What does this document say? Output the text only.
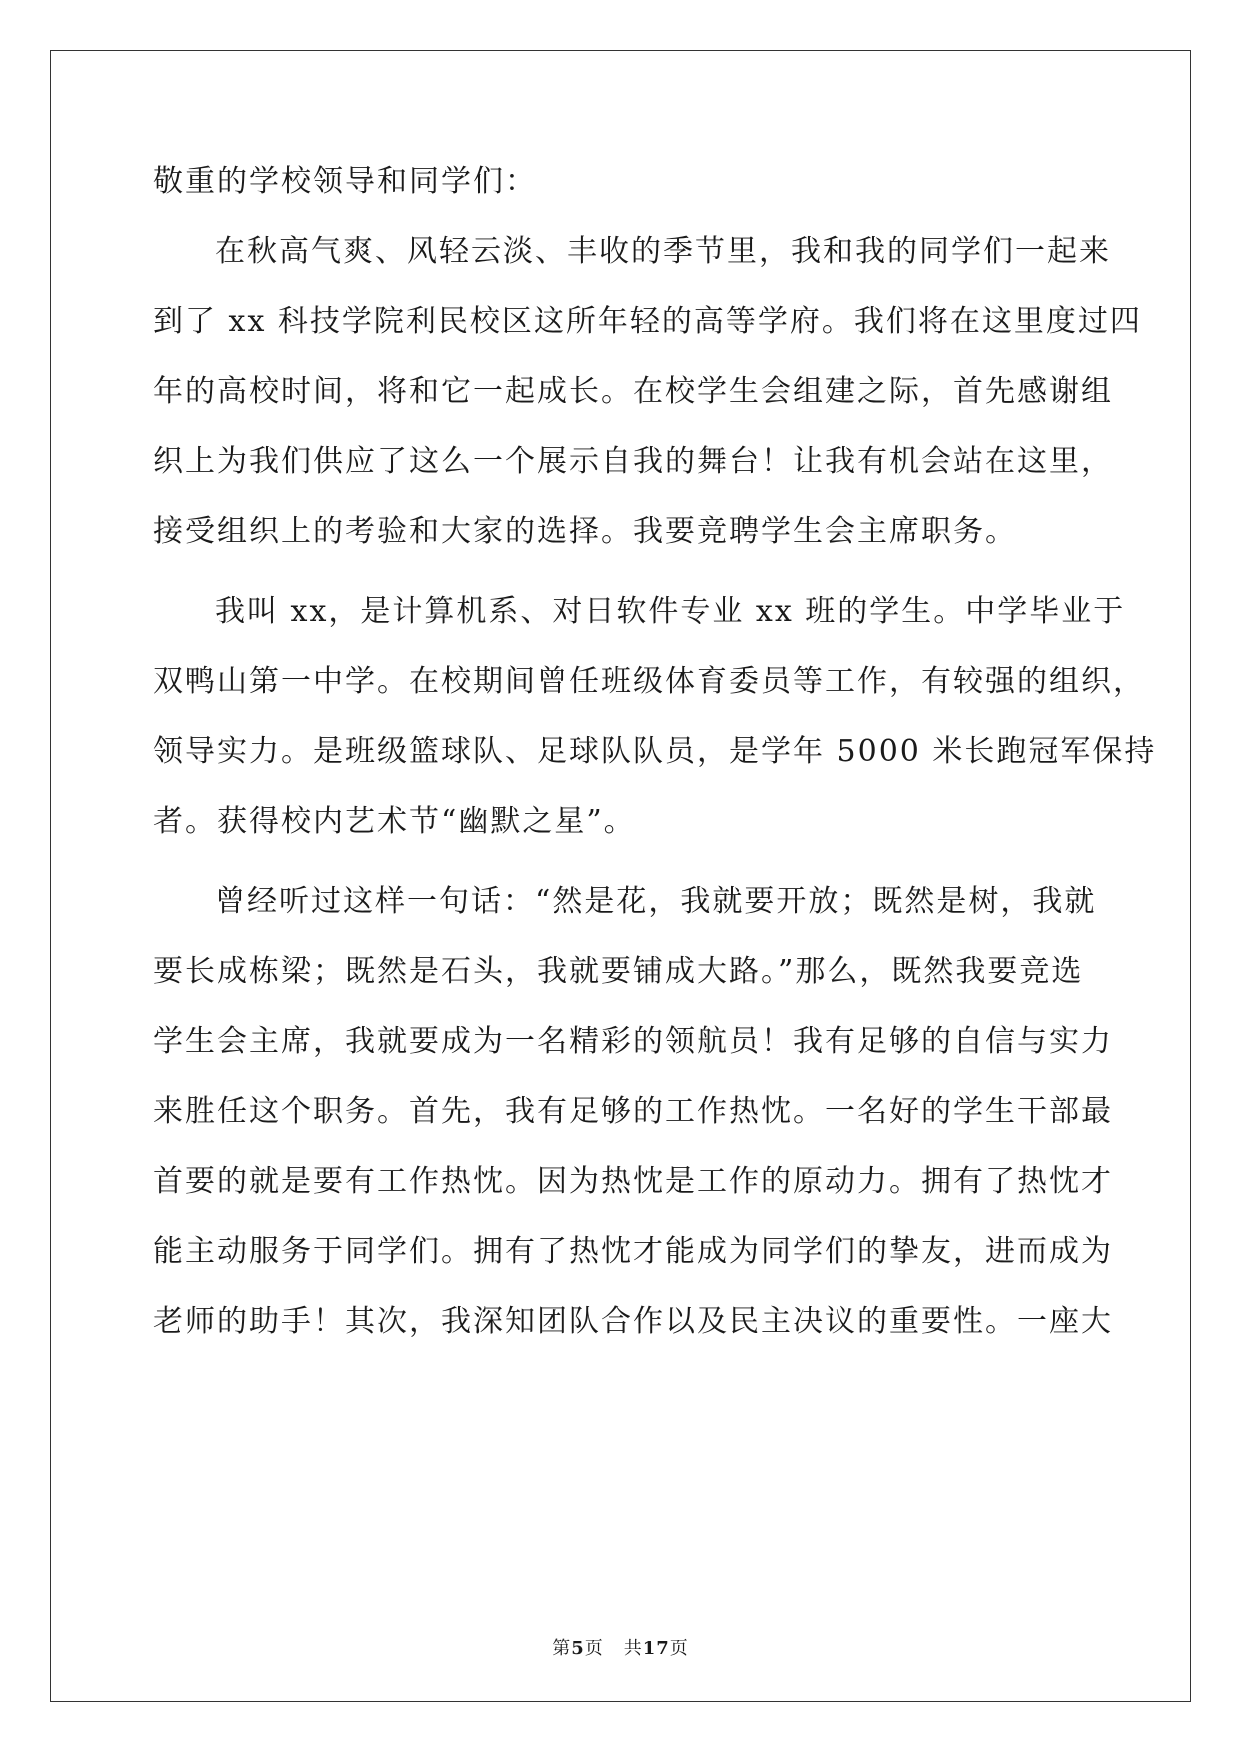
敬重的学校领导和同学们：
在秋高气爽、风轻云淡、丰收的季节里，我和我的同学们一起来
到了 xx 科技学院利民校区这所年轻的高等学府。我们将在这里度过四
年的高校时间，将和它一起成长。在校学生会组建之际，首先感谢组
织上为我们供应了这么一个展示自我的舞台！让我有机会站在这里，
接受组织上的考验和大家的选择。我要竞聘学生会主席职务。
我叫 xx，是计算机系、对日软件专业 xx 班的学生。中学毕业于
双鸭山第一中学。在校期间曾任班级体育委员等工作，有较强的组织，
领导实力。是班级篮球队、足球队队员，是学年 5000 米长跑冠军保持
者。获得校内艺术节“幽默之星”。
曾经听过这样一句话：“然是花，我就要开放；既然是树，我就
要长成栋梁；既然是石头，我就要铺成大路。”那么，既然我要竞选
学生会主席，我就要成为一名精彩的领航员！我有足够的自信与实力
来胜任这个职务。首先，我有足够的工作热忱。一名好的学生干部最
首要的就是要有工作热忱。因为热忱是工作的原动力。拥有了热忱才
能主动服务于同学们。拥有了热忱才能成为同学们的挚友，进而成为
老师的助手！其次，我深知团队合作以及民主决议的重要性。一座大
第5页 共17页
